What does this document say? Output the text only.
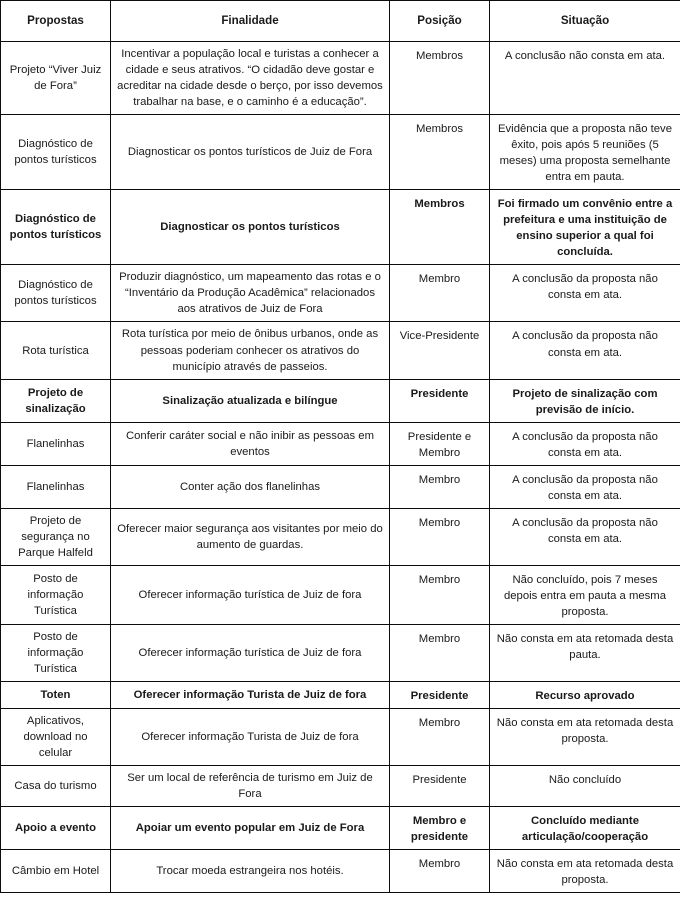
Propostas	Finalidade	Posição	Situação

Projeto “Viver Juiz de Fora”	Incentivar a população local e turistas a conhecer a cidade e seus atrativos. “O cidadão deve gostar e acreditar na cidade desde o berço, por isso devemos trabalhar na base, e o caminho é a educação”.	Membros	A conclusão não consta em ata.

Diagnóstico de pontos turísticos	Diagnosticar os pontos turísticos de Juiz de Fora	Membros	Evidência que a proposta não teve êxito, pois após 5 reuniões (5 meses) uma proposta semelhante entra em pauta.

Diagnóstico de pontos turísticos	Diagnosticar os pontos turísticos	Membros	Foi firmado um convênio entre a prefeitura e uma instituição de ensino superior a qual foi concluída.

Diagnóstico de pontos turísticos	Produzir diagnóstico, um mapeamento das rotas e o “Inventário da Produção Acadêmica” relacionados aos atrativos de Juiz de Fora	Membro	A conclusão da proposta não consta em ata.

Rota turística	Rota turística por meio de ônibus urbanos, onde as pessoas poderiam conhecer os atrativos do município através de passeios.	Vice-Presidente	A conclusão da proposta não consta em ata.

Projeto de sinalização	Sinalização atualizada e bilíngue	Presidente	Projeto de sinalização com previsão de início.

Flanelinhas	Conferir caráter social e não inibir as pessoas em eventos	Presidente e Membro	A conclusão da proposta não consta em ata.

Flanelinhas	Conter ação dos flanelinhas	Membro	A conclusão da proposta não consta em ata.

Projeto de segurança no Parque Halfeld	Oferecer maior segurança aos visitantes por meio do aumento de guardas.	Membro	A conclusão da proposta não consta em ata.

Posto de informação Turística	Oferecer informação turística de Juiz de fora	Membro	Não concluído, pois 7 meses depois entra em pauta a mesma proposta.

Posto de informação Turística	Oferecer informação turística de Juiz de fora	Membro	Não consta em ata retomada desta pauta.

Toten	Oferecer informação Turista de Juiz de fora	Presidente	Recurso aprovado

Aplicativos, download no celular	Oferecer informação Turista de Juiz de fora	Membro	Não consta em ata retomada desta proposta.

Casa do turismo	Ser um local de referência de turismo em Juiz de Fora	Presidente	Não concluído

Apoio a evento	Apoiar um evento popular em Juiz de Fora	Membro e presidente	Concluído mediante articulação/cooperação

Câmbio em Hotel	Trocar moeda estrangeira nos hotéis.	Membro	Não consta em ata retomada desta proposta.
